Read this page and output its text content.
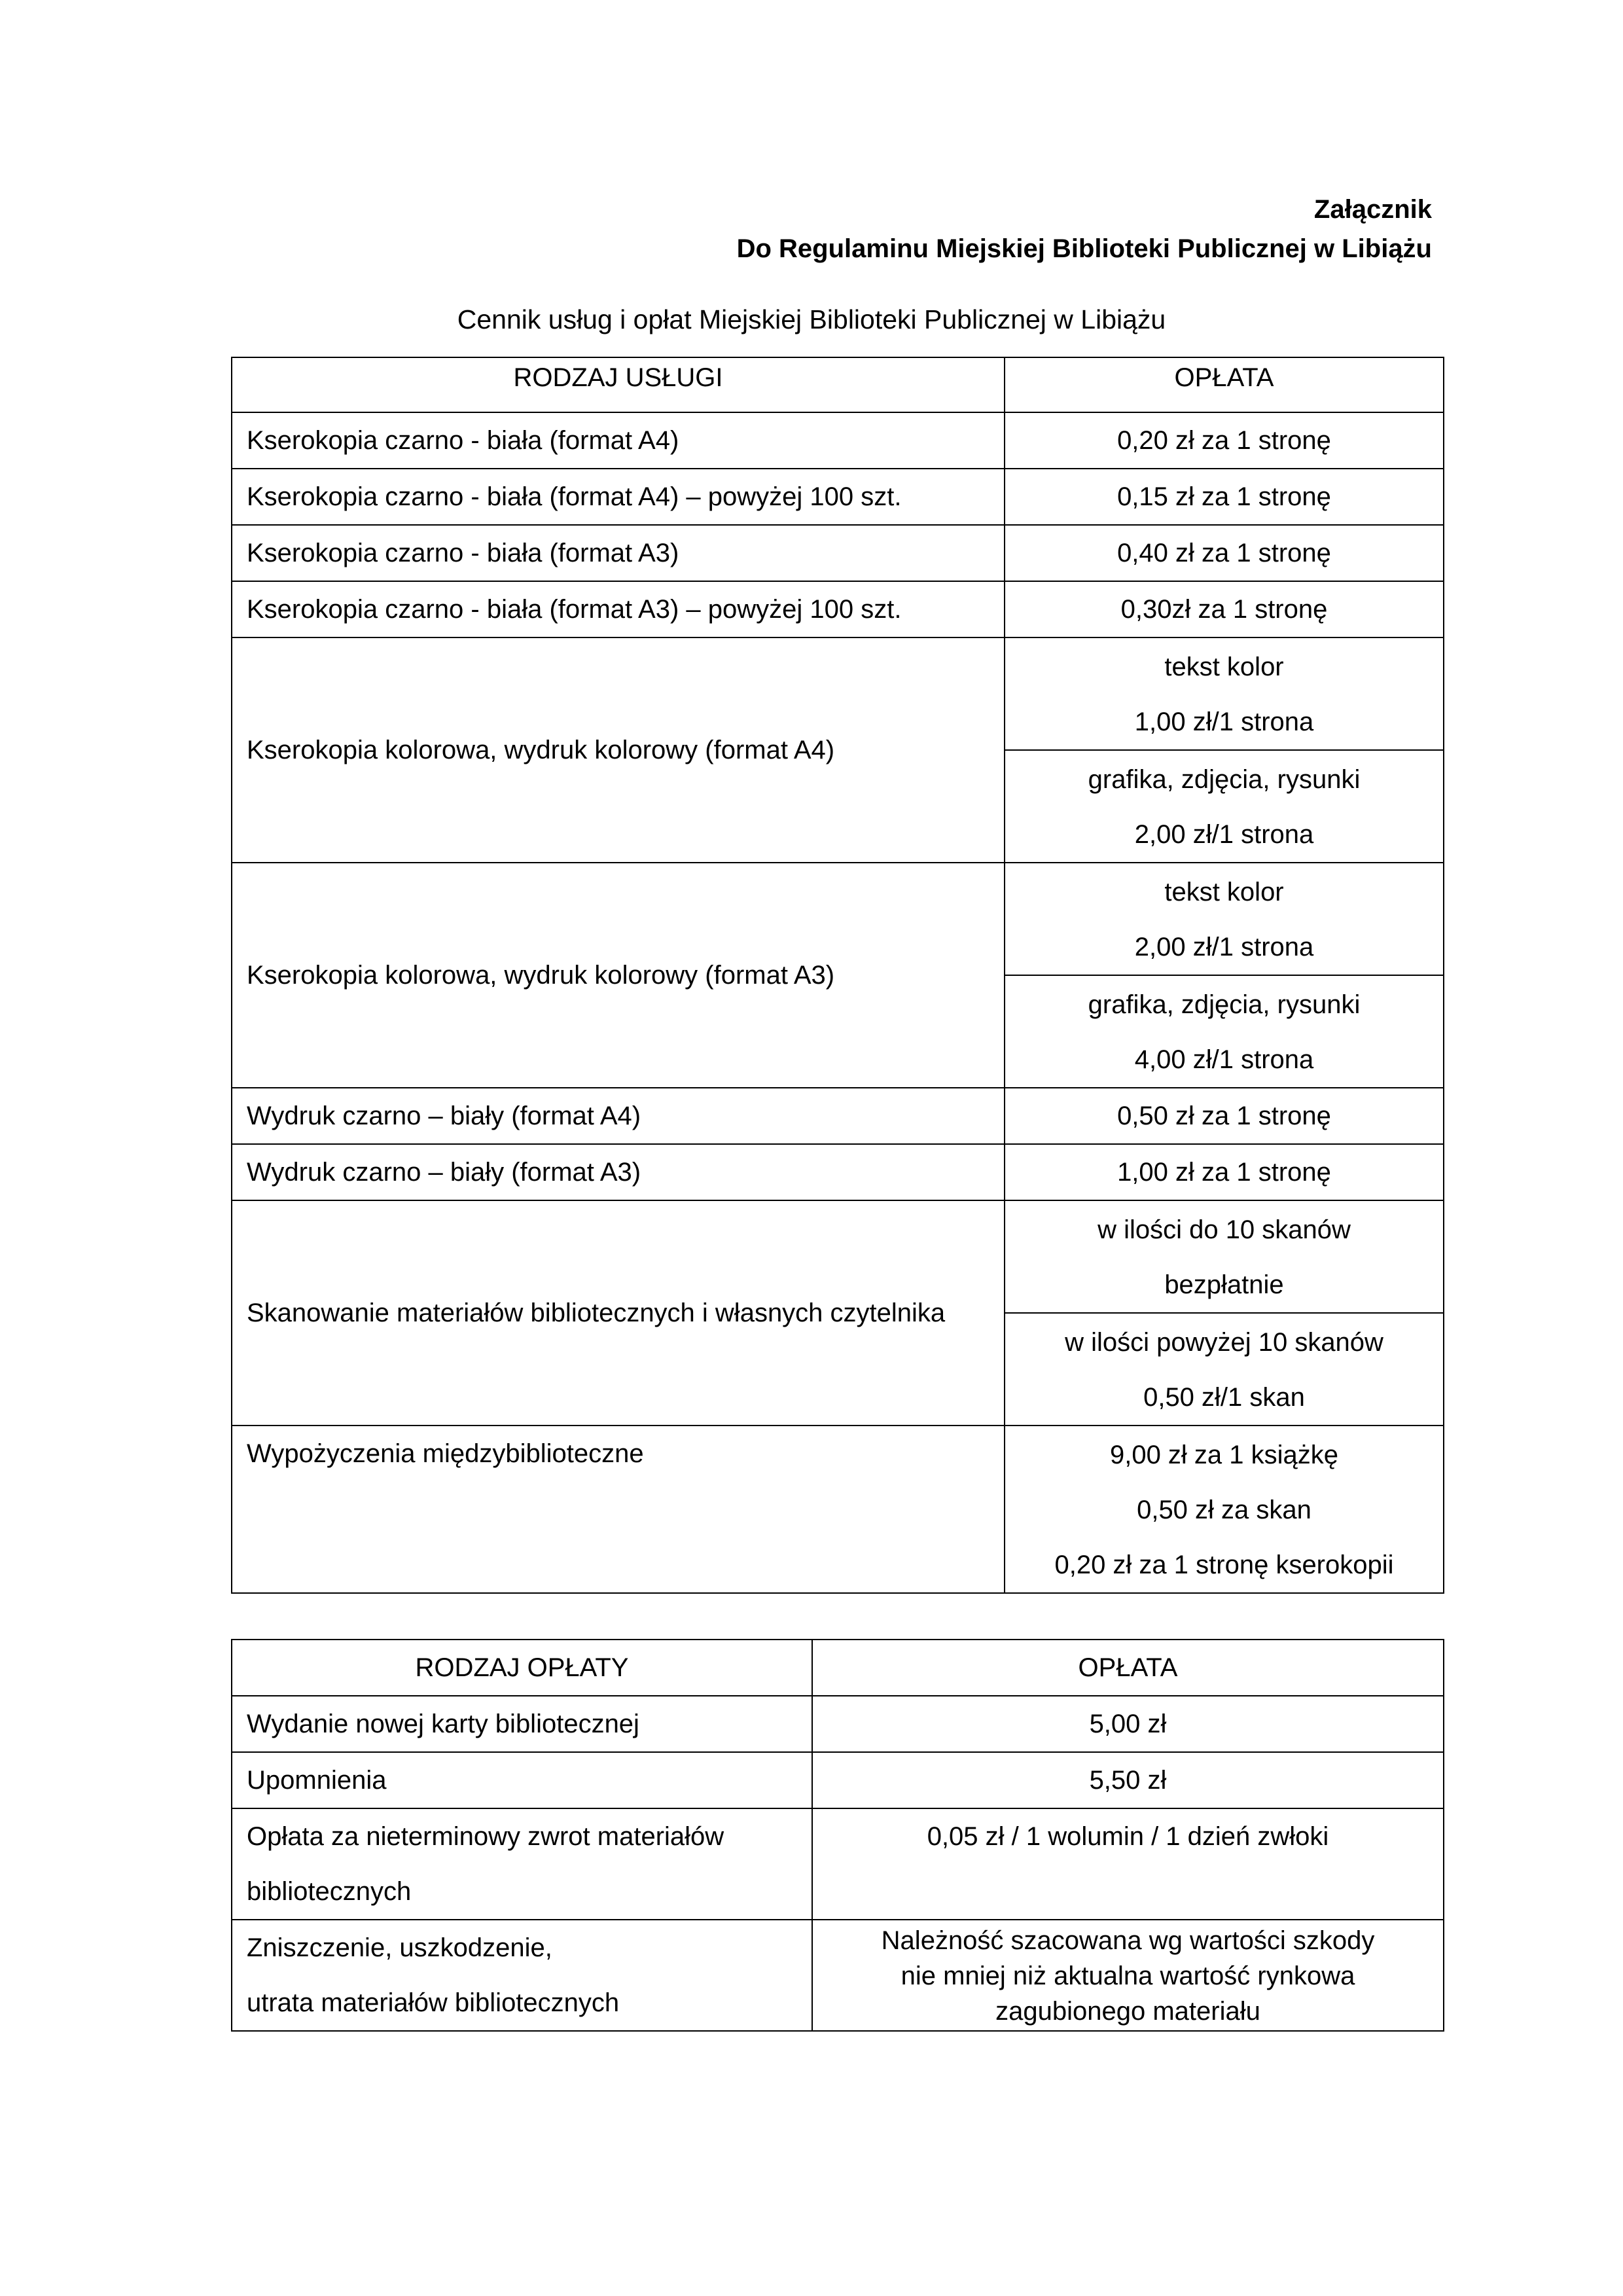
Załącznik
Do Regulaminu Miejskiej Biblioteki Publicznej w Libiążu
Cennik usług i opłat Miejskiej Biblioteki Publicznej w Libiążu
RODZAJ USŁUGI	OPŁATA
Kserokopia czarno - biała (format A4)	0,20 zł za 1 stronę
Kserokopia czarno - biała (format A4) – powyżej 100 szt.	0,15 zł za 1 stronę
Kserokopia czarno - biała (format A3)	0,40 zł za 1 stronę
Kserokopia czarno - biała (format A3) – powyżej 100 szt.	0,30zł za 1 stronę
Kserokopia kolorowa, wydruk kolorowy (format A4)	tekst kolor
1,00 zł/1 strona

	grafika, zdjęcia, rysunki
2,00 zł/1 strona

Kserokopia kolorowa, wydruk kolorowy (format A3)	tekst kolor
2,00 zł/1 strona

	grafika, zdjęcia, rysunki
4,00 zł/1 strona

Wydruk czarno – biały (format A4)	0,50 zł za 1 stronę
Wydruk czarno – biały (format A3)	1,00 zł za 1 stronę
Skanowanie materiałów bibliotecznych i własnych czytelnika	w ilości do 10 skanów
bezpłatnie

	w ilości powyżej 10 skanów
0,50 zł/1 skan

Wypożyczenia międzybiblioteczne	9,00 zł za 1 książkę
0,50 zł za skan
0,20 zł za 1 stronę kserokopii
RODZAJ OPŁATY	OPŁATA
Wydanie nowej karty bibliotecznej	5,00 zł
Upomnienia	5,50 zł

Opłata za nieterminowy zwrot materiałów
bibliotecznych	0,05 zł / 1 wolumin / 1 dzień zwłoki

Zniszczenie, uszkodzenie,
utrata materiałów bibliotecznych	Należność szacowana wg wartości szkody
nie mniej niż aktualna wartość rynkowa
zagubionego materiału
